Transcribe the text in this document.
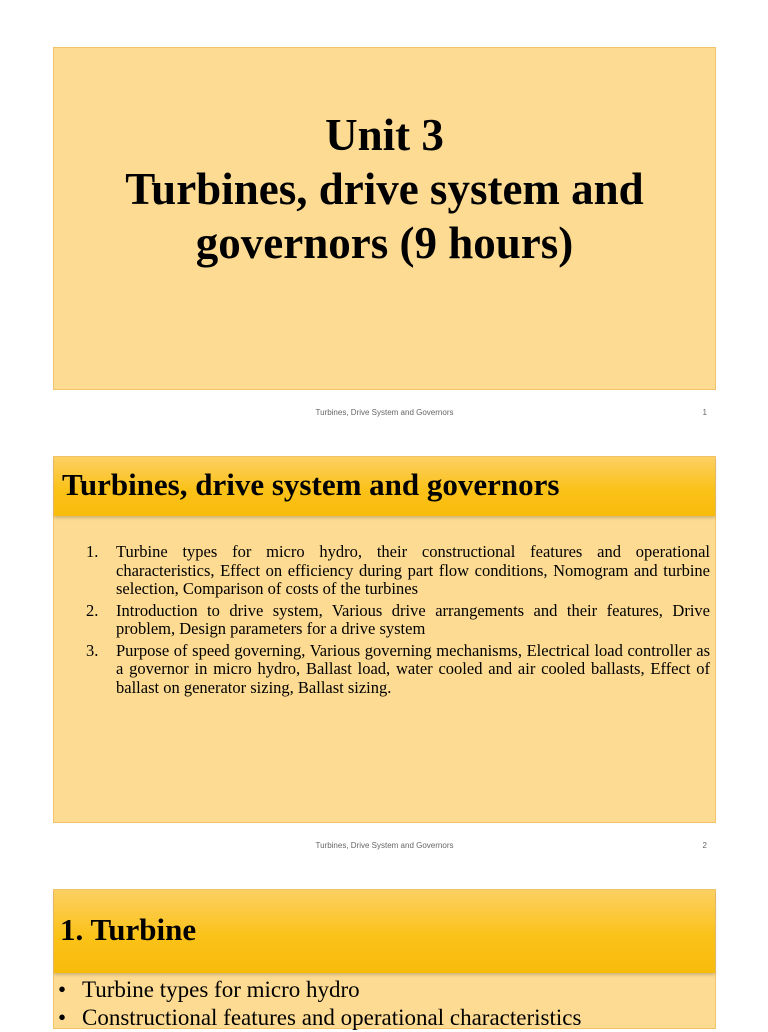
Unit 3
Turbines, drive system and
governors (9 hours)
Turbines, Drive System and Governors	1
Turbines, drive system and governors
1. Turbine types for micro hydro, their constructional features and operational characteristics, Effect on efficiency during part flow conditions, Nomogram and turbine selection, Comparison of costs of the turbines
2. Introduction to drive system, Various drive arrangements and their features, Drive problem, Design parameters for a drive system
3. Purpose of speed governing, Various governing mechanisms, Electrical load controller as a governor in micro hydro, Ballast load, water cooled and air cooled ballasts, Effect of ballast on generator sizing, Ballast sizing.
Turbines, Drive System and Governors	2
1. Turbine
• Turbine types for micro hydro
• Constructional features and operational characteristics
